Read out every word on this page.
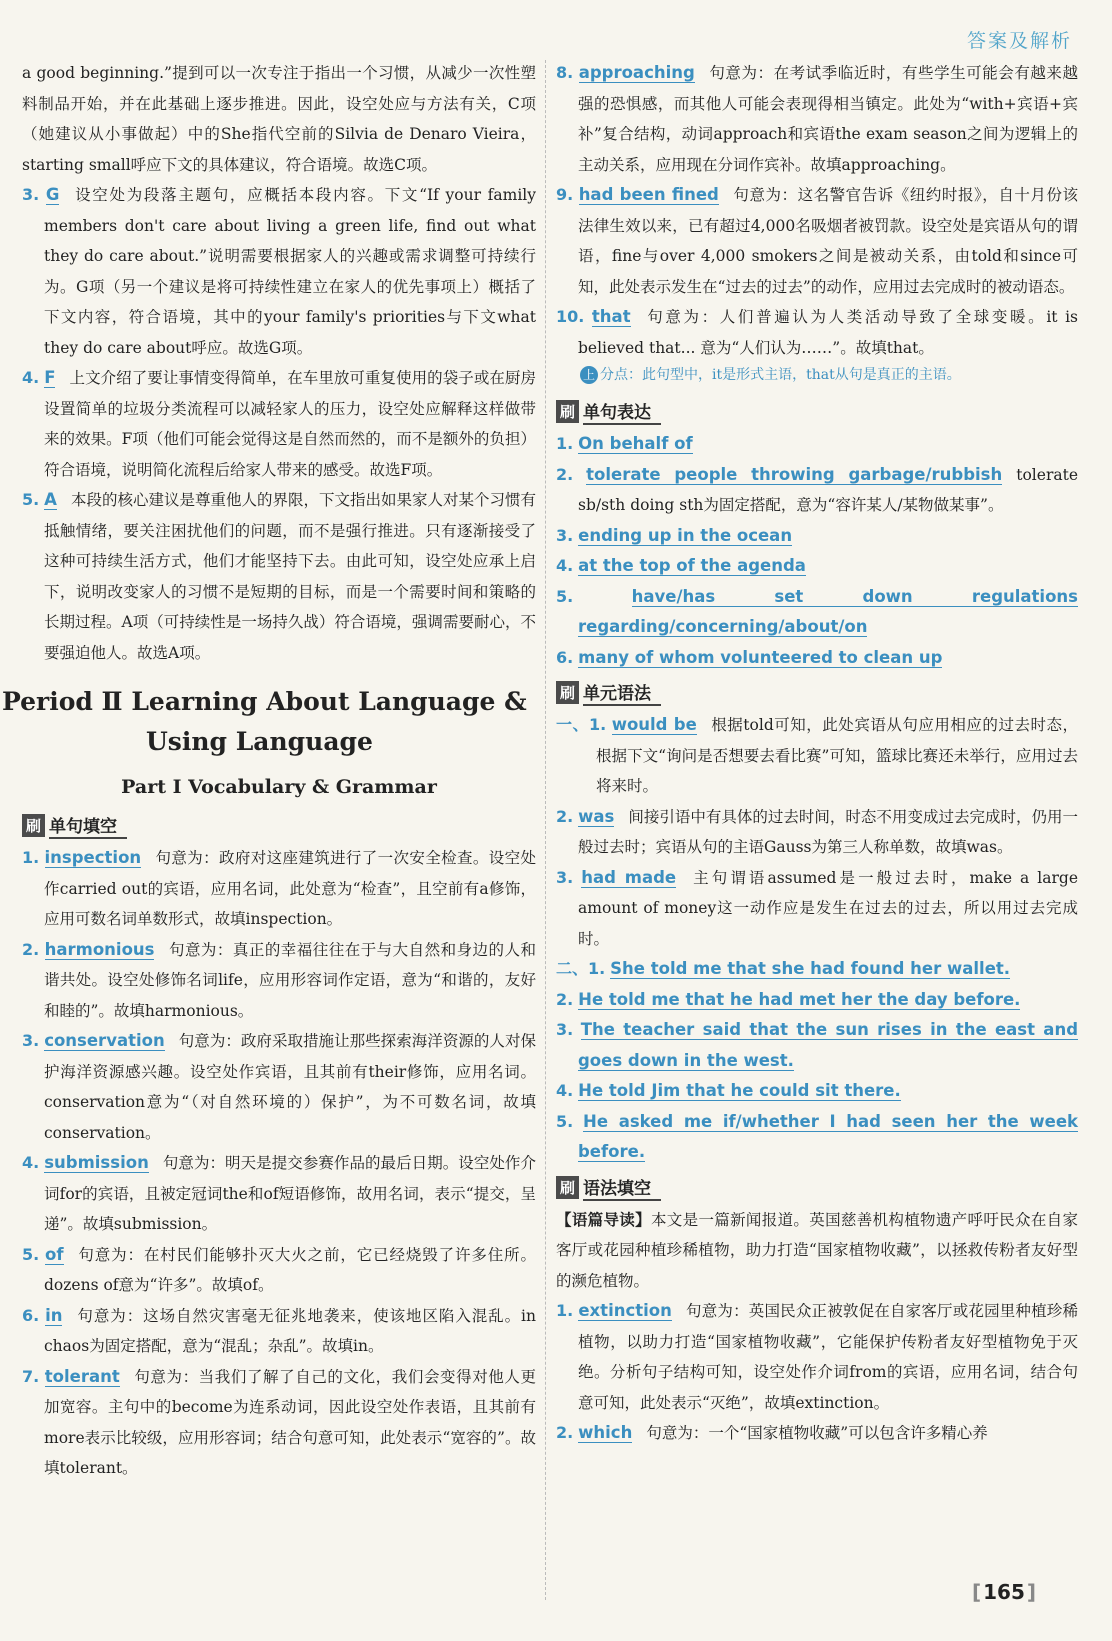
答案及解析

a good beginning.”提到可以一次专注于指出一个习惯，从减少一次性塑料制品开始，并在此基础上逐步推进。因此，设空处应与方法有关，C项（她建议从小事做起）中的She指代空前的Silvia de Denaro Vieira，starting small呼应下文的具体建议，符合语境。故选C项。

3. G 设空处为段落主题句，应概括本段内容。下文“If your family members don't care about living a green life, find out what they do care about.”说明需要根据家人的兴趣或需求调整可持续行为。G项（另一个建议是将可持续性建立在家人的优先事项上）概括了下文内容，符合语境，其中的your family's priorities与下文what they do care about呼应。故选G项。
4. F 上文介绍了要让事情变得简单，在车里放可重复使用的袋子或在厨房设置简单的垃圾分类流程可以减轻家人的压力，设空处应解释这样做带来的效果。F项（他们可能会觉得这是自然而然的，而不是额外的负担）符合语境，说明简化流程后给家人带来的感受。故选F项。
5. A 本段的核心建议是尊重他人的界限，下文指出如果家人对某个习惯有抵触情绪，要关注困扰他们的问题，而不是强行推进。只有逐渐接受了这种可持续生活方式，他们才能坚持下去。由此可知，设空处应承上启下，说明改变家人的习惯不是短期的目标，而是一个需要时间和策略的长期过程。A项（可持续性是一场持久战）符合语境，强调需要耐心，不要强迫他人。故选A项。
Period Ⅱ Learning About Language &
Using Language
Part Ⅰ Vocabulary & Grammar
刷 单句填空
1. inspection 句意为：政府对这座建筑进行了一次安全检查。设空处作carried out的宾语，应用名词，此处意为“检查”，且空前有a修饰，应用可数名词单数形式，故填inspection。
2. harmonious 句意为：真正的幸福往往在于与大自然和身边的人和谐共处。设空处修饰名词life，应用形容词作定语，意为“和谐的，友好和睦的”。故填harmonious。
3. conservation 句意为：政府采取措施让那些探索海洋资源的人对保护海洋资源感兴趣。设空处作宾语，且其前有their修饰，应用名词。conservation意为“（对自然环境的）保护”，为不可数名词，故填conservation。
4. submission 句意为：明天是提交参赛作品的最后日期。设空处作介词for的宾语，且被定冠词the和of短语修饰，故用名词，表示“提交，呈递”。故填submission。
5. of 句意为：在村民们能够扑灭大火之前，它已经烧毁了许多住所。dozens of意为“许多”。故填of。
6. in 句意为：这场自然灾害毫无征兆地袭来，使该地区陷入混乱。in chaos为固定搭配，意为“混乱；杂乱”。故填in。
7. tolerant 句意为：当我们了解了自己的文化，我们会变得对他人更加宽容。主句中的become为连系动词，因此设空处作表语，且其前有more表示比较级，应用形容词；结合句意可知，此处表示“宽容的”。故填tolerant。
8. approaching 句意为：在考试季临近时，有些学生可能会有越来越强的恐惧感，而其他人可能会表现得相当镇定。此处为“with+宾语+宾补”复合结构，动词approach和宾语the exam season之间为逻辑上的主动关系，应用现在分词作宾补。故填approaching。
9. had been fined 句意为：这名警官告诉《纽约时报》，自十月份该法律生效以来，已有超过4,000名吸烟者被罚款。设空处是宾语从句的谓语，fine与over 4,000 smokers之间是被动关系，由told和since可知，此处表示发生在“过去的过去”的动作，应用过去完成时的被动语态。
10. that 句意为：人们普遍认为人类活动导致了全球变暖。it is believed that... 意为“人们认为……”。故填that。
上 分点：此句型中，it是形式主语，that从句是真正的主语。
刷 单句表达
1. On behalf of
2. tolerate people throwing garbage/rubbish tolerate sb/sth doing sth为固定搭配，意为“容许某人/某物做某事”。
3. ending up in the ocean
4. at the top of the agenda
5.	have/has set down regulations regarding/concerning/about/on
6. many of whom volunteered to clean up
刷 单元语法
一、1. would be 根据told可知，此处宾语从句应用相应的过去时态，根据下文“询问是否想要去看比赛”可知，篮球比赛还未举行，应用过去将来时。
2. was 间接引语中有具体的过去时间，时态不用变成过去完成时，仍用一般过去时；宾语从句的主语Gauss为第三人称单数，故填was。
3. had made 主句谓语assumed是一般过去时，make a large amount of money这一动作应是发生在过去的过去，所以用过去完成时。
二、1. She told me that she had found her wallet.
2. He told me that he had met her the day before.
3. The teacher said that the sun rises in the east and goes down in the west.
4. He told Jim that he could sit there.
5. He asked me if/whether I had seen her the week before.
刷 语法填空
【语篇导读】本文是一篇新闻报道。英国慈善机构植物遗产呼吁民众在自家客厅或花园种植珍稀植物，助力打造“国家植物收藏”，以拯救传粉者友好型的濒危植物。
1. extinction 句意为：英国民众正被敦促在自家客厅或花园里种植珍稀植物，以助力打造“国家植物收藏”，它能保护传粉者友好型植物免于灭绝。分析句子结构可知，设空处作介词from的宾语，应用名词，结合句意可知，此处表示“灭绝”，故填extinction。
2. which 句意为：一个“国家植物收藏”可以包含许多精心养
[ 165 ]
